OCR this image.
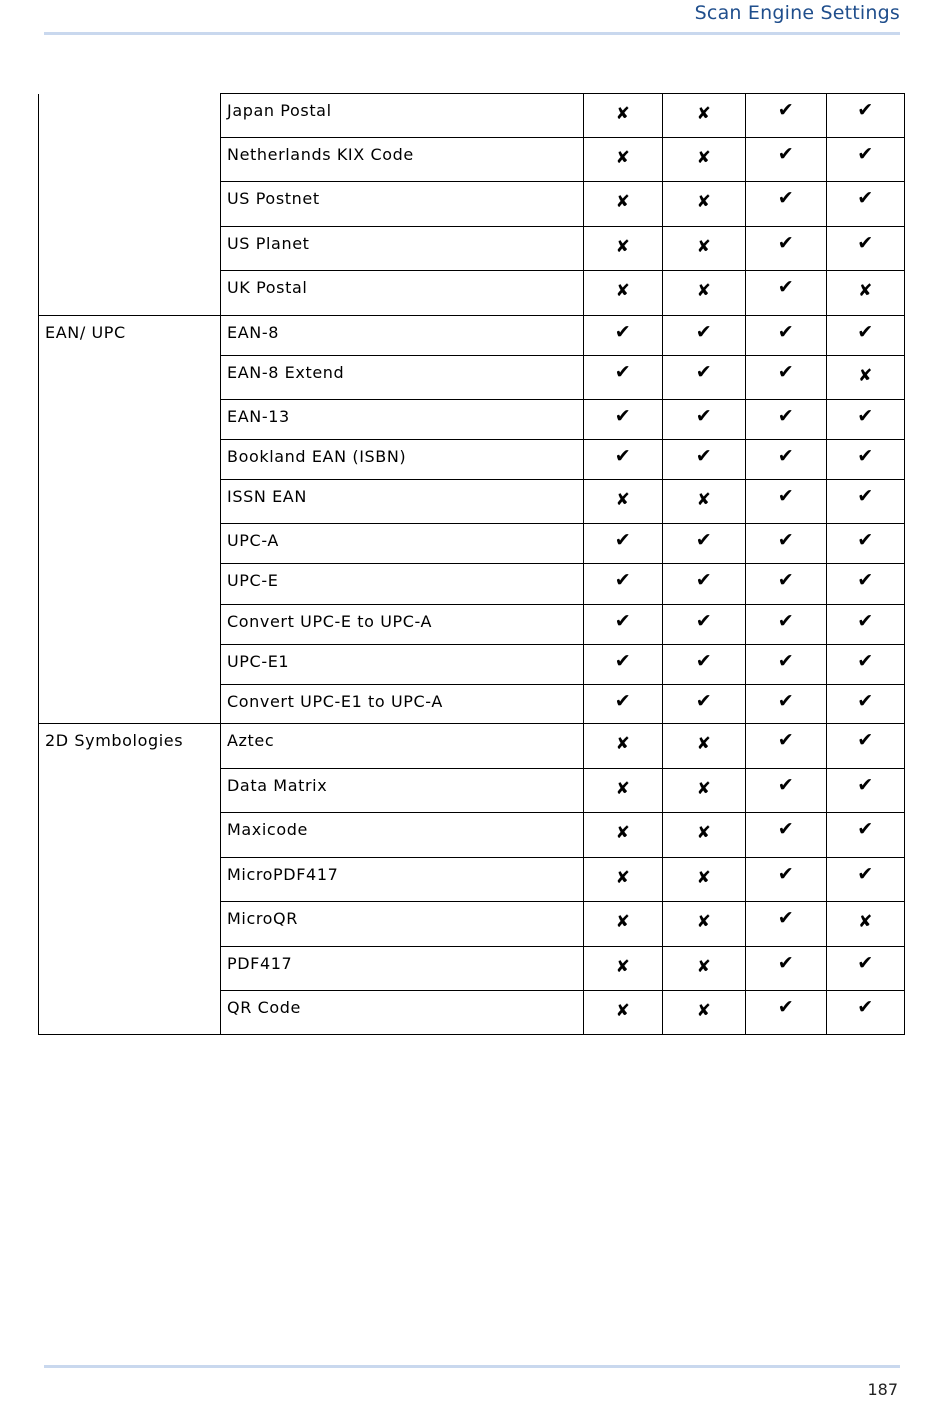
Scan Engine Settings
	Japan Postal	✘	✘	✔	✔
	Netherlands KIX Code	✘	✘	✔	✔
	US Postnet	✘	✘	✔	✔
	US Planet	✘	✘	✔	✔
	UK Postal	✘	✘	✔	✘
EAN/ UPC	EAN-8	✔	✔	✔	✔
	EAN-8 Extend	✔	✔	✔	✘
	EAN-13	✔	✔	✔	✔
	Bookland EAN (ISBN)	✔	✔	✔	✔
	ISSN EAN	✘	✘	✔	✔
	UPC-A	✔	✔	✔	✔
	UPC-E	✔	✔	✔	✔
	Convert UPC-E to UPC-A	✔	✔	✔	✔
	UPC-E1	✔	✔	✔	✔
	Convert UPC-E1 to UPC-A	✔	✔	✔	✔
2D Symbologies	Aztec	✘	✘	✔	✔
	Data Matrix	✘	✘	✔	✔
	Maxicode	✘	✘	✔	✔
	MicroPDF417	✘	✘	✔	✔
	MicroQR	✘	✘	✔	✘
	PDF417	✘	✘	✔	✔
	QR Code	✘	✘	✔	✔
187
